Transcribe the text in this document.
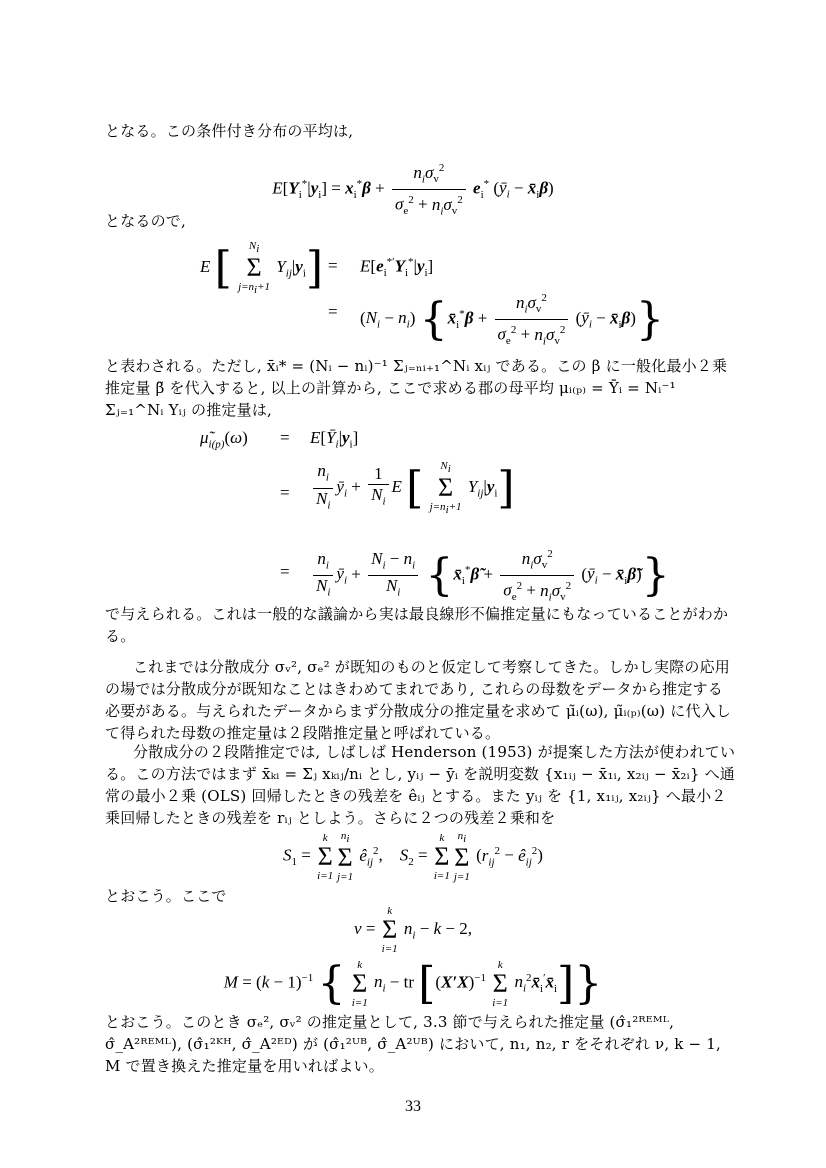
となる。この条件付き分布の平均は,
$E[Y_i^*|y_i] = x_i^*\beta + \frac{n_i\sigma_v^2}{\sigma_e^2 + n_i\sigma_v^2} e_i^*$ ($ȳ_i$ − $x̄_i\beta$)
となるので,
E [	$N_i$
Σ
$j=n_i+1$
$Y_{ij}|y_i] = E[e_i^{*'}Y_i^*|y_i]$
= $(N_i - n_i)$ {$x̄_i^*\beta + \frac{n_i\sigma_v^2}{\sigma_e^2 + n_i\sigma_v^2}$ ($ȳ_i$ − $x̄_i\beta$)}
と表わされる。ただし, x̄ᵢ* = (Nᵢ − nᵢ)⁻¹ Σⱼ₌ₙᵢ₊₁^Nᵢ xᵢⱼ である。この β に一般化最小２乗推定量 β̃ を代入すると, 以上の計算から, ここで求める郡の母平均 μᵢ₍ₚ₎ = Ȳᵢ = Nᵢ⁻¹ Σⱼ₌₁^Nᵢ Yᵢⱼ の推定量は,
$\mũ_{i(p)}(\omega)$ = $E[Ȳ_i|y_i]$
= $\frac{n_i}{N_i}$ $ȳ_i + \frac{1}{N_i}$ E [	$N_i$
Σ
$j=n_i+1$
$Y_{ij}|y_i$]
= $\frac{n_i}{N_i}$ $ȳ_i + \frac{N_i - n_i}{N_i}$ {$x̄_i^*\betã + \frac{n_i\sigma_v^2}{\sigma_e^2 + n_i\sigma_v^2}$ ($ȳ_i$ − $x̄_i\betã$)}
で与えられる。これは一般的な議論から実は最良線形不偏推定量にもなっていることがわかる。
これまでは分散成分 σᵥ², σₑ² が既知のものと仮定して考察してきた。しかし実際の応用の場では分散成分が既知なことはきわめてまれであり, これらの母数をデータから推定する必要がある。与えられたデータからまず分散成分の推定量を求めて μ̃ᵢ(ω), μ̃ᵢ₍ₚ₎(ω) に代入して得られた母数の推定量は２段階推定量と呼ばれている。
分散成分の２段階推定では, しばしば Henderson (1953) が提案した方法が使われている。この方法ではまず x̄ₖᵢ = Σⱼ xₖᵢⱼ/nᵢ とし, yᵢⱼ − ȳᵢ を説明変数 {x₁ᵢⱼ − x̄₁ᵢ, x₂ᵢⱼ − x̄₂ᵢ} へ通常の最小２乗 (OLS) 回帰したときの残差を êᵢⱼ とする。また yᵢⱼ を {1, x₁ᵢⱼ, x₂ᵢⱼ} へ最小２乗回帰したときの残差を rᵢⱼ としよう。さらに２つの残差２乗和を
$S_1$ =
k
Σ
i=1
$n_i$
Σ
j=1
$ê_{ij}^2$,    $S_2$ =
k
Σ
i=1
$n_i$
Σ
j=1
($r_{ij}^2$ − $ê_{ij}^2$)
とおこう。ここで
ν =
k
Σ
i=1
$n_i - k - 2$,
$M = (k - 1)^{-1}$ {	k
Σ
i=1
$n_i$ − tr [$(X'X)^{-1}$
k
Σ
i=1
$n_i^2x̄_i'x̄_i$]}
とおこう。このとき σₑ², σᵥ² の推定量として, 3.3 節で与えられた推定量 (σ̂₁²ᴿᴱᴹᴸ, σ̂_A²ᴿᴱᴹᴸ), (σ̂₁²ᴷᴴ, σ̂_A²ᴱᴰ) が (σ̂₁²ᵁᴮ, σ̂_A²ᵁᴮ) において, n₁, n₂, r をそれぞれ ν, k − 1, M で置き換えた推定量を用いればよい。
33
